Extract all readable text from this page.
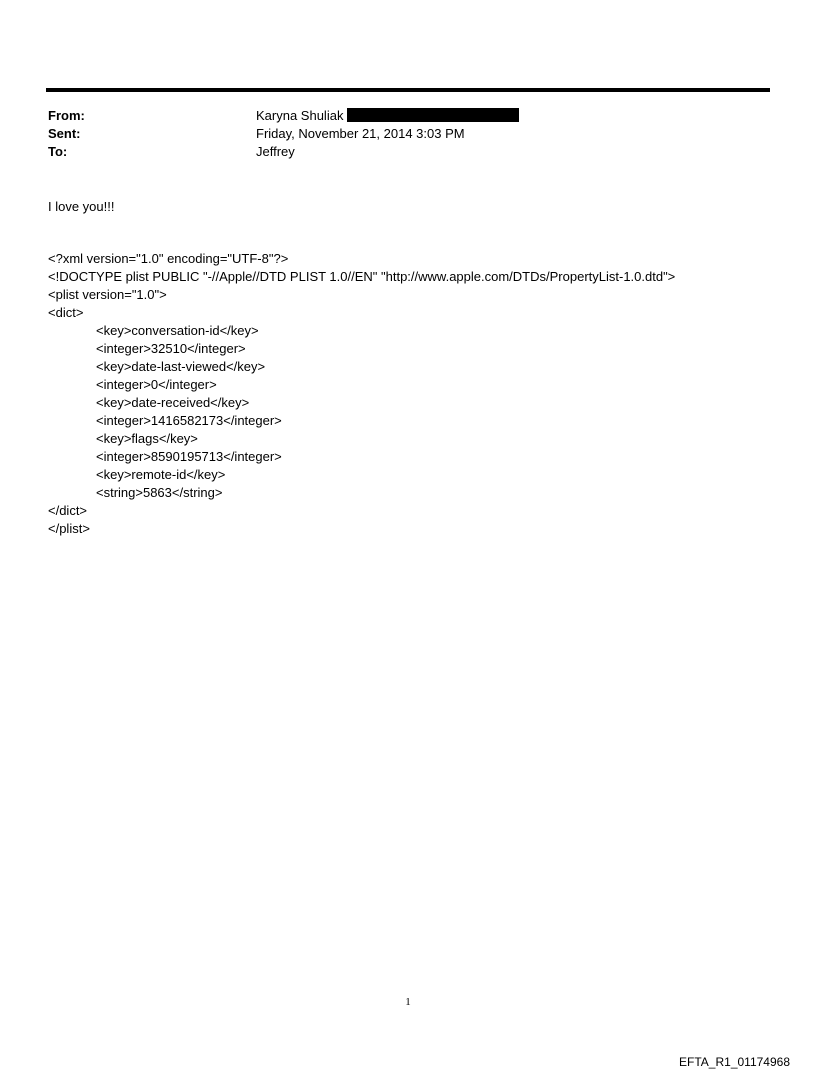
From:	Karyna Shuliak
Sent:	Friday, November 21, 2014 3:03 PM
To:	Jeffrey
I love you!!!
<?xml version="1.0" encoding="UTF-8"?>
<!DOCTYPE plist PUBLIC "-//Apple//DTD PLIST 1.0//EN" "http://www.apple.com/DTDs/PropertyList-1.0.dtd">
<plist version="1.0">
<dict>
<key>conversation-id</key>
<integer>32510</integer>
<key>date-last-viewed</key>
<integer>0</integer>
<key>date-received</key>
<integer>1416582173</integer>
<key>flags</key>
<integer>8590195713</integer>
<key>remote-id</key>
<string>5863</string>
</dict>
</plist>
1
EFTA_R1_01174968
